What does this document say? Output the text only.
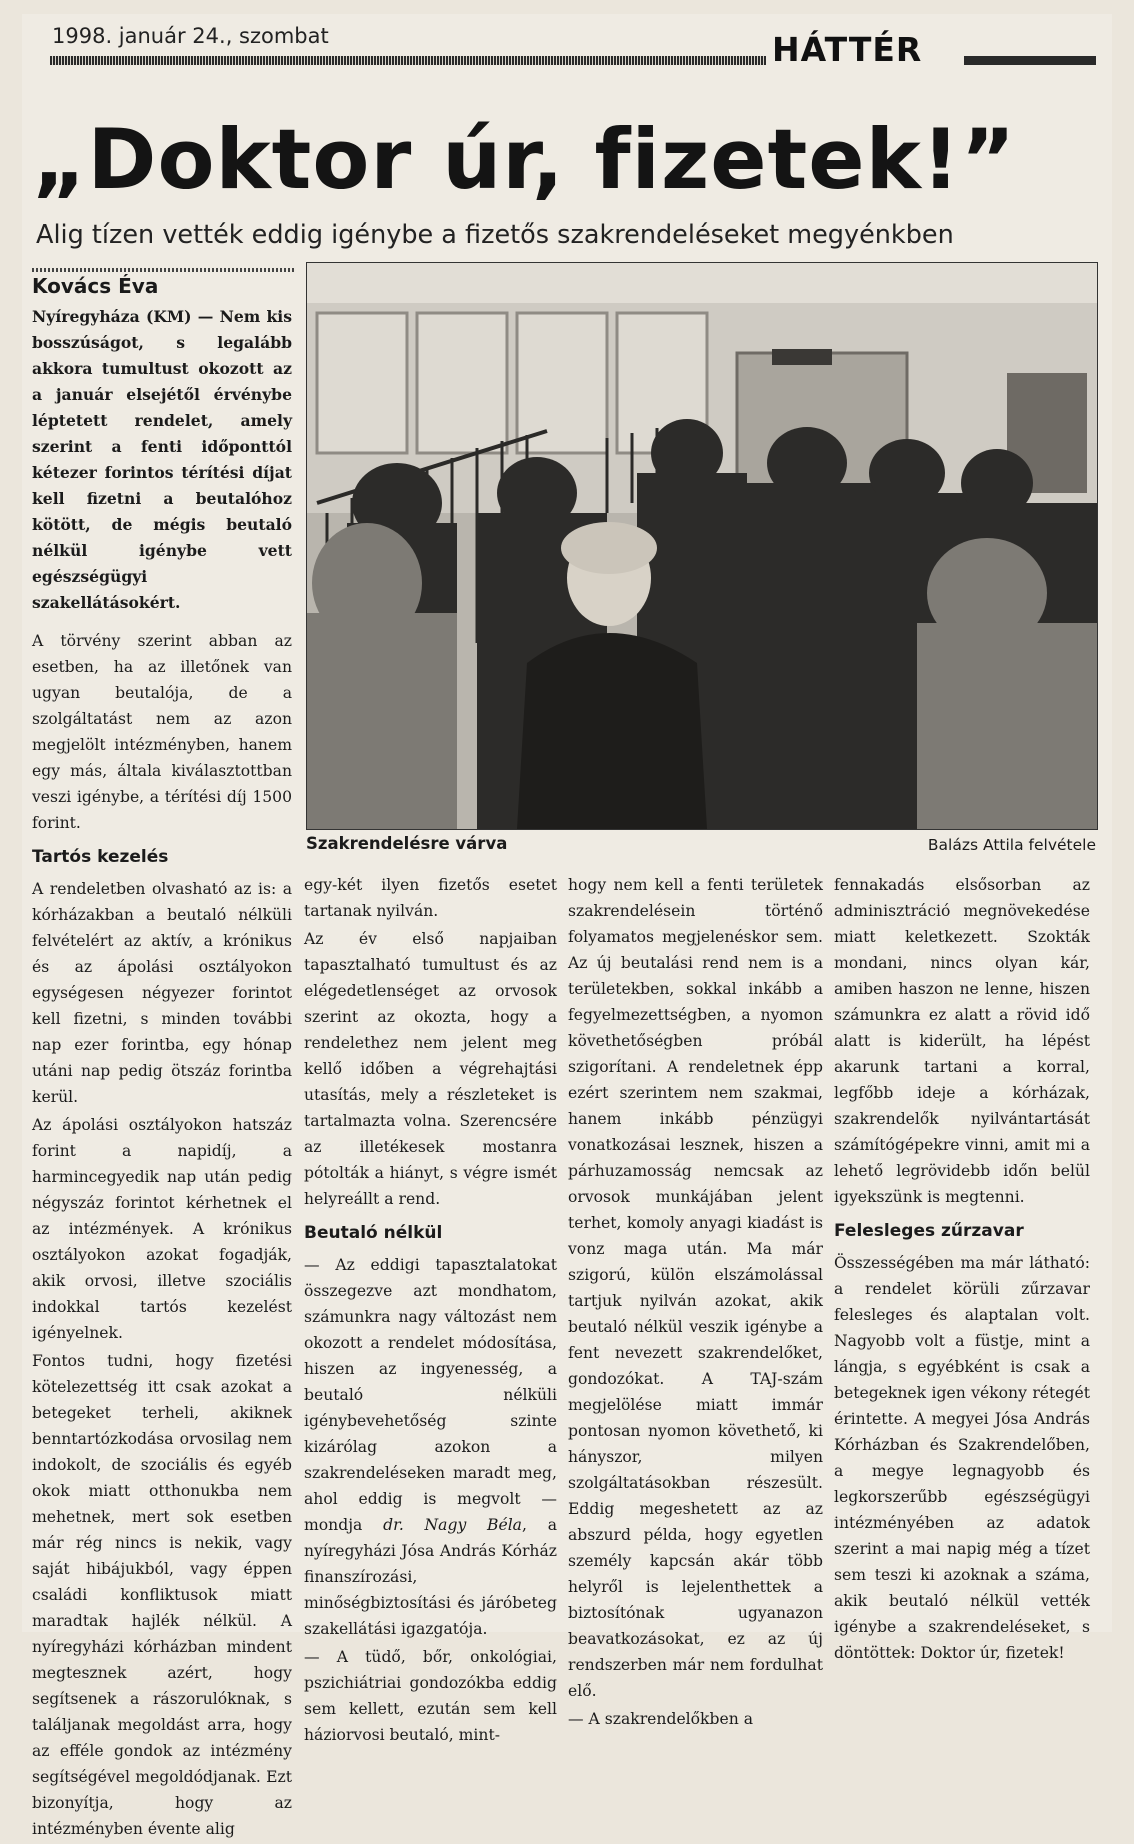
1998. január 24., szombat	HÁTTÉR
„Doktor úr, fizetek!”
Alig tízen vették eddig igénybe a fizetős szakrendeléseket megyénkben
Kovács Éva
Szakrendelésre várva	Balázs Attila felvétele

Nyíregyháza (KM) — Nem kis bosszúságot, s legalább akkora tumultust okozott az a január elsejétől érvénybe léptetett rendelet, amely szerint a fenti időponttól kétezer forintos térítési díjat kell fizetni a beutalóhoz kötött, de mégis beutaló nélkül igénybe vett egészségügyi szakellátásokért.

A törvény szerint abban az esetben, ha az illetőnek van ugyan beutalója, de a szolgáltatást nem az azon megjelölt intézményben, hanem egy más, általa kiválasztottban veszi igénybe, a térítési díj 1500 forint.

Tartós kezelés

A rendeletben olvasható az is: a kórházakban a beutaló nélküli felvételért az aktív, a krónikus és az ápolási osztályokon egységesen négyezer forintot kell fizetni, s minden további nap ezer forintba, egy hónap utáni nap pedig ötszáz forintba kerül.

Az ápolási osztályokon hatszáz forint a napidíj, a harmincegyedik nap után pedig négyszáz forintot kérhetnek el az intézmények. A krónikus osztályokon azokat fogadják, akik orvosi, illetve szociális indokkal tartós kezelést igényelnek.

Fontos tudni, hogy fizetési kötelezettség itt csak azokat a betegeket terheli, akiknek benntartózkodása orvosilag nem indokolt, de szociális és egyéb okok miatt otthonukba nem mehetnek, mert sok esetben már rég nincs is nekik, vagy saját hibájukból, vagy éppen családi konfliktusok miatt maradtak hajlék nélkül. A nyíregyházi kórházban mindent megtesznek azért, hogy segítsenek a rászorulóknak, s találjanak megoldást arra, hogy az efféle gondok az intézmény segítségével megoldódjanak. Ezt bizonyítja, hogy az intézményben évente alig

egy-két ilyen fizetős esetet tartanak nyilván.

Az év első napjaiban tapasztalható tumultust és az elégedetlenséget az orvosok szerint az okozta, hogy a rendelethez nem jelent meg kellő időben a végrehajtási utasítás, mely a részleteket is tartalmazta volna. Szerencsére az illetékesek mostanra pótolták a hiányt, s végre ismét helyreállt a rend.

Beutaló nélkül

— Az eddigi tapasztalatokat összegezve azt mondhatom, számunkra nagy változást nem okozott a rendelet módosítása, hiszen az ingyenesség, a beutaló nélküli igénybevehetőség szinte kizárólag azokon a szakrendeléseken maradt meg, ahol eddig is megvolt — mondja dr. Nagy Béla, a nyíregyházi Jósa András Kórház finanszírozási, minőségbiztosítási és járóbeteg szakellátási igazgatója.

— A tüdő, bőr, onkológiai, pszichiátriai gondozókba eddig sem kellett, ezután sem kell háziorvosi beutaló, mint-

hogy nem kell a fenti területek szakrendelésein történő folyamatos megjelenéskor sem. Az új beutalási rend nem is a területekben, sokkal inkább a fegyelmezettségben, a nyomon követhetőségben próbál szigorítani. A rendeletnek épp ezért szerintem nem szakmai, hanem inkább pénzügyi vonatkozásai lesznek, hiszen a párhuzamosság nemcsak az orvosok munkájában jelent terhet, komoly anyagi kiadást is vonz maga után. Ma már szigorú, külön elszámolással tartjuk nyilván azokat, akik beutaló nélkül veszik igénybe a fent nevezett szakrendelőket, gondozókat. A TAJ-szám megjelölése miatt immár pontosan nyomon követhető, ki hányszor, milyen szolgáltatásokban részesült. Eddig megeshetett az az abszurd példa, hogy egyetlen személy kapcsán akár több helyről is lejelenthettek a biztosítónak ugyanazon beavatkozásokat, ez az új rendszerben már nem fordulhat elő.

— A szakrendelőkben a

fennakadás elsősorban az adminisztráció megnövekedése miatt keletkezett. Szokták mondani, nincs olyan kár, amiben haszon ne lenne, hiszen számunkra ez alatt a rövid idő alatt is kiderült, ha lépést akarunk tartani a korral, legfőbb ideje a kórházak, szakrendelők nyilvántartását számítógépekre vinni, amit mi a lehető legrövidebb időn belül igyekszünk is megtenni.

Felesleges zűrzavar

Összességében ma már látható: a rendelet körüli zűrzavar felesleges és alaptalan volt. Nagyobb volt a füstje, mint a lángja, s egyébként is csak a betegeknek igen vékony rétegét érintette. A megyei Jósa András Kórházban és Szakrendelőben, a megye legnagyobb és legkorszerűbb egészségügyi intézményében az adatok szerint a mai napig még a tízet sem teszi ki azoknak a száma, akik beutaló nélkül vették igénybe a szakrendeléseket, s döntöttek: Doktor úr, fizetek!
